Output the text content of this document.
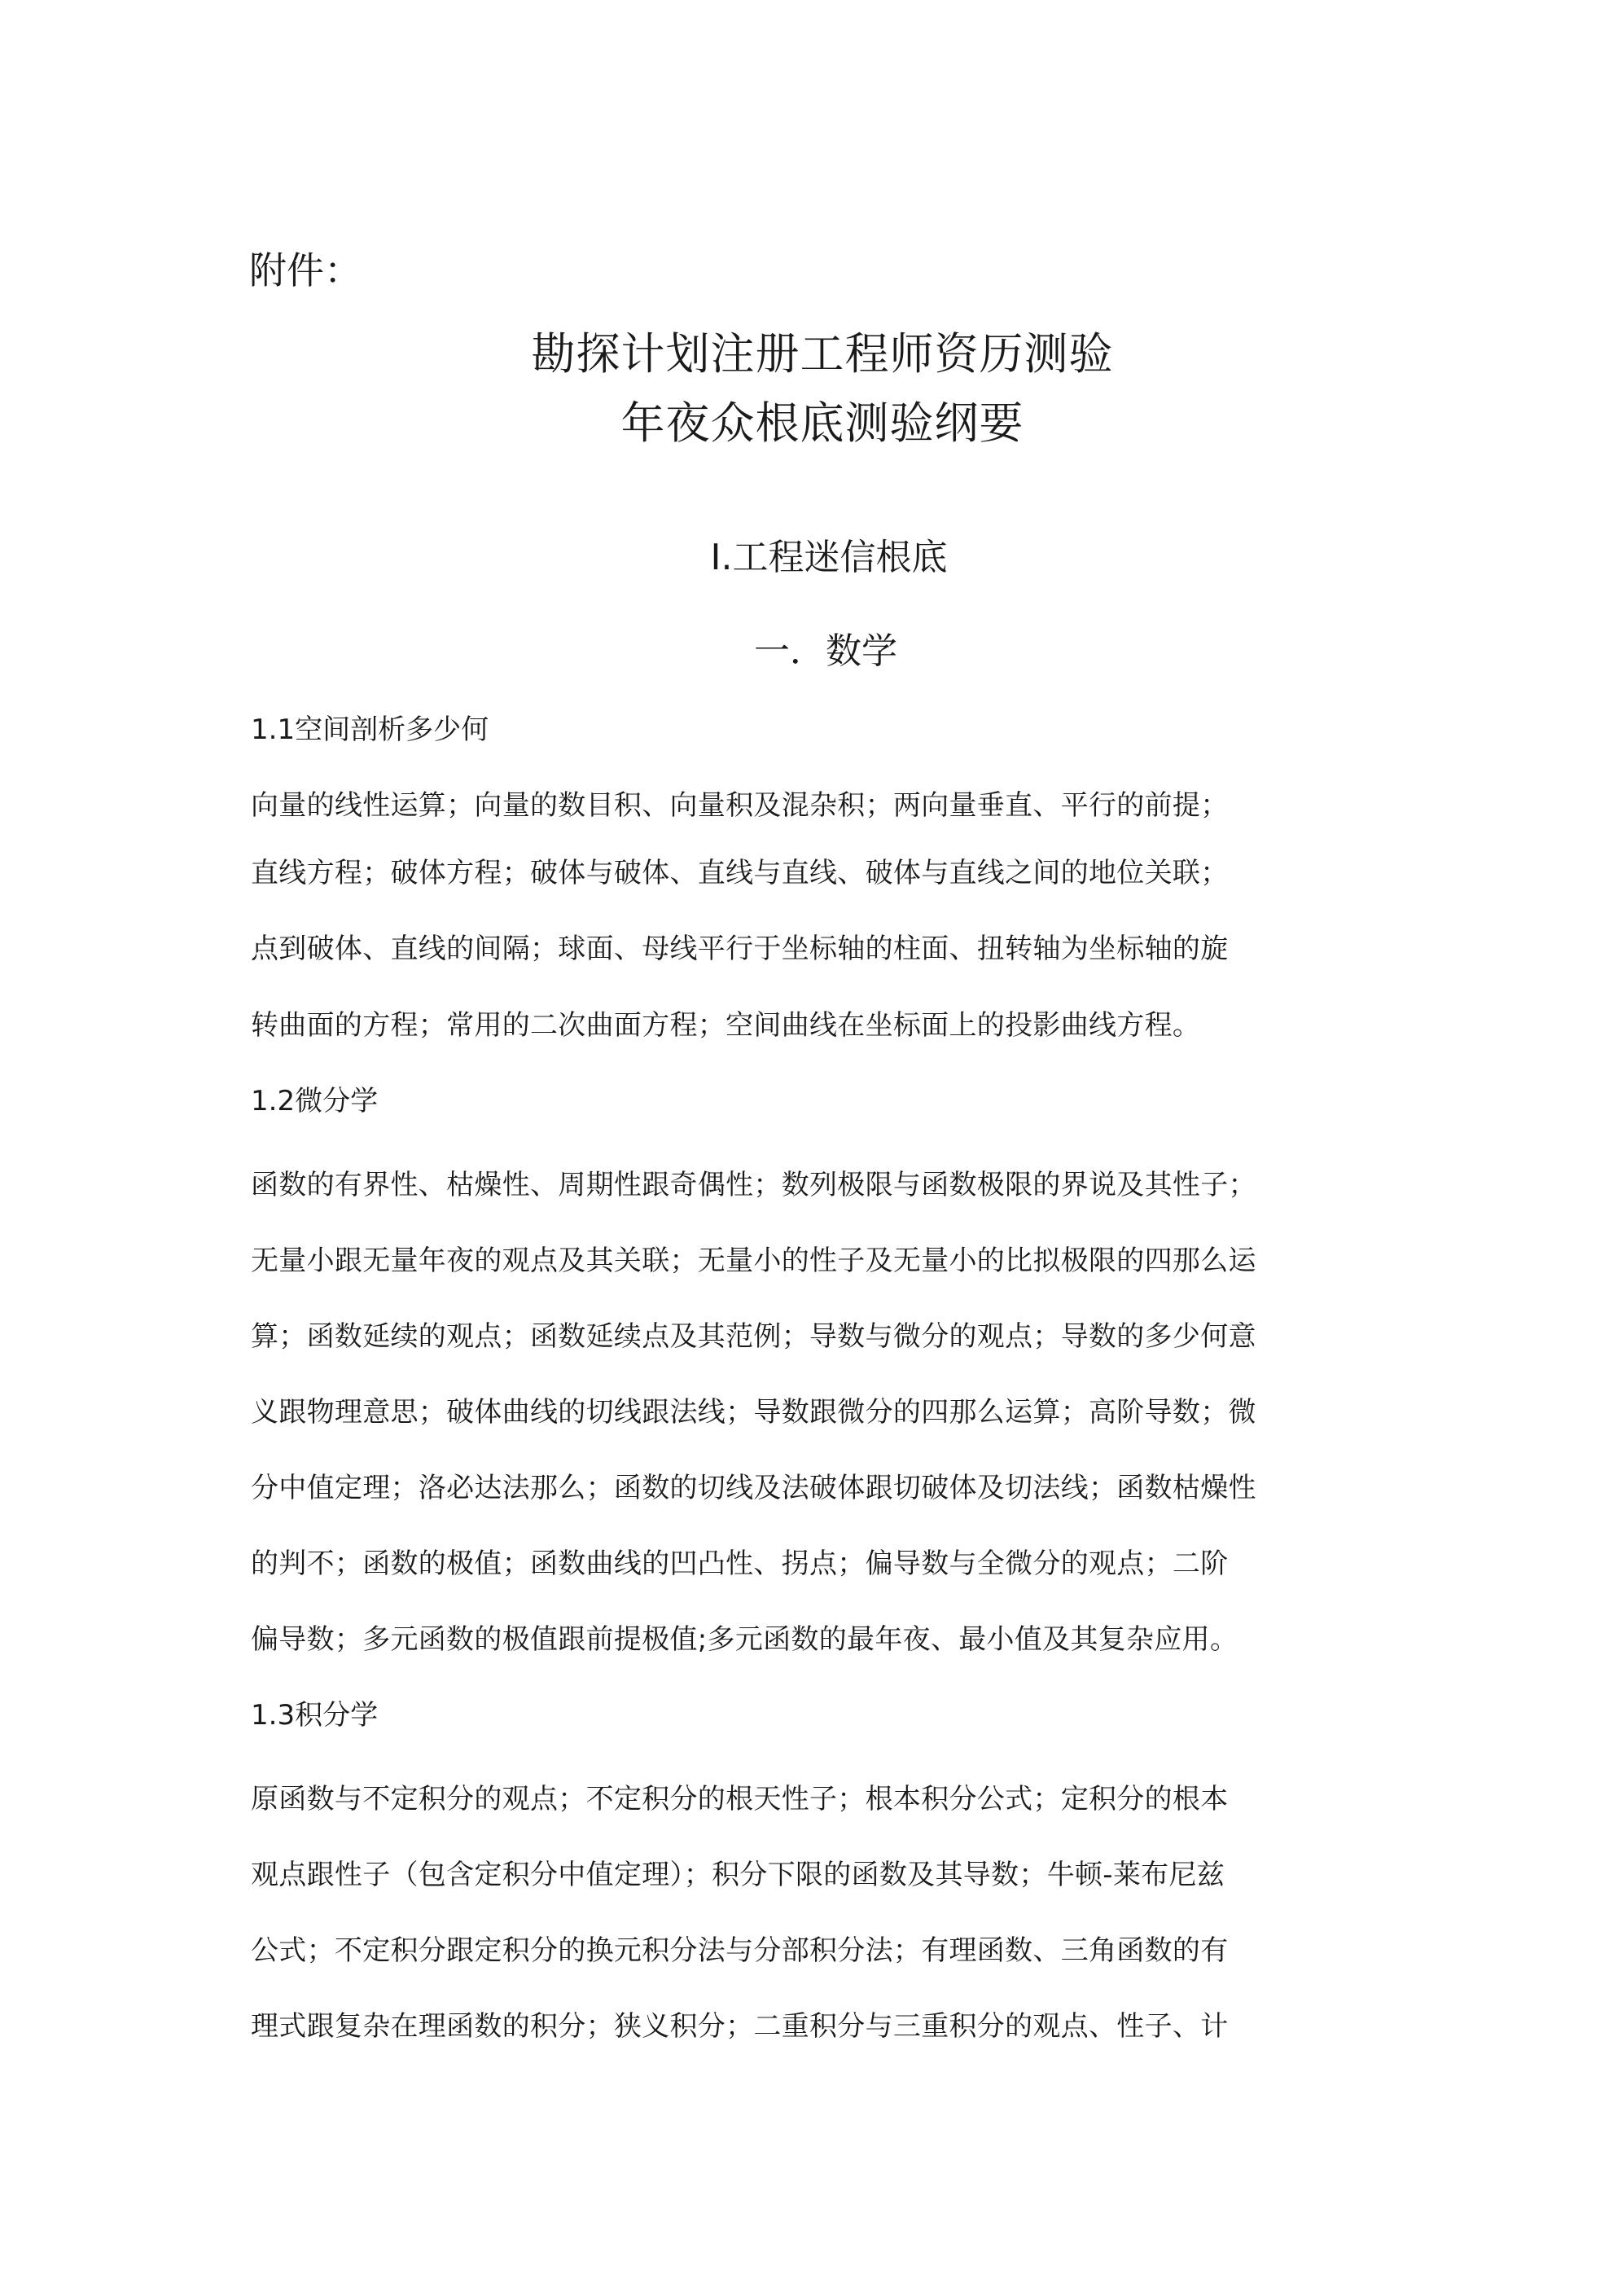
附件：
勘探计划注册工程师资历测验
年夜众根底测验纲要
Ⅰ.工程迷信根底
一．数学
1.1空间剖析多少何
向量的线性运算；向量的数目积、向量积及混杂积；两向量垂直、平行的前提；
直线方程；破体方程；破体与破体、直线与直线、破体与直线之间的地位关联；
点到破体、直线的间隔；球面、母线平行于坐标轴的柱面、扭转轴为坐标轴的旋
转曲面的方程；常用的二次曲面方程；空间曲线在坐标面上的投影曲线方程。
1.2微分学
函数的有界性、枯燥性、周期性跟奇偶性；数列极限与函数极限的界说及其性子；
无量小跟无量年夜的观点及其关联；无量小的性子及无量小的比拟极限的四那么运
算；函数延续的观点；函数延续点及其范例；导数与微分的观点；导数的多少何意
义跟物理意思；破体曲线的切线跟法线；导数跟微分的四那么运算；高阶导数；微
分中值定理；洛必达法那么；函数的切线及法破体跟切破体及切法线；函数枯燥性
的判不；函数的极值；函数曲线的凹凸性、拐点；偏导数与全微分的观点；二阶
偏导数；多元函数的极值跟前提极值;多元函数的最年夜、最小值及其复杂应用。
1.3积分学
原函数与不定积分的观点；不定积分的根天性子；根本积分公式；定积分的根本
观点跟性子（包含定积分中值定理）；积分下限的函数及其导数；牛顿-莱布尼兹
公式；不定积分跟定积分的换元积分法与分部积分法；有理函数、三角函数的有
理式跟复杂在理函数的积分；狭义积分；二重积分与三重积分的观点、性子、计
